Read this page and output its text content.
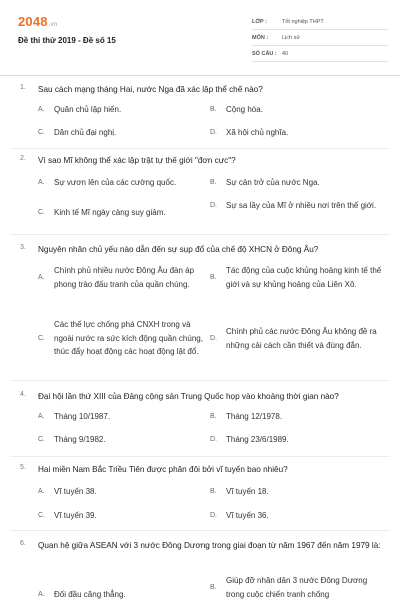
2048.vn
Đề thi thử 2019 - Đề số 15
LỚP :	Tốt nghiệp THPT
MÔN :	Lịch sử
SỐ CÂU : 40
1. Sau cách mạng tháng Hai, nước Nga đã xác lập thể chế nào?
A.	Quân chủ lập hiến.	B.	Cộng hòa.
C.	Dân chủ đại nghị.	D.	Xã hội chủ nghĩa.
2. Vì sao Mĩ không thể xác lập trật tự thế giới "đơn cực"?
A.	Sự vươn lên của các cường quốc.	B.	Sự cản trở của nước Nga.
C.	Kinh tế Mĩ ngày càng suy giảm.
D.	Sự sa lầy của Mĩ ở nhiều nơi trên thế giới.
3. Nguyên nhân chủ yếu nào dẫn đến sự sụp đổ của chế độ XHCN ở Đông Âu?
A.
Chính phủ nhiều nước Đông Âu đàn áp phong trào đấu tranh của quần chúng.
B.
Tác động của cuộc khủng hoảng kinh tế thế giới và sự khủng hoảng của Liên Xô.
C.
Các thế lực chống phá CNXH trong và ngoài nước ra sức kích động quần chúng, thúc đẩy hoạt động các hoạt động lật đổ.
D.
Chính phủ các nước Đông Âu không đề ra những cải cách cần thiết và đúng đắn.
4. Đại hội lần thứ XIII của Đảng cộng sản Trung Quốc họp vào khoảng thời gian nào?
A.	Tháng 10/1987.	B.	Tháng 12/1978.
C.	Tháng 9/1982.	D.	Tháng 23/6/1989.
5. Hai miền Nam Bắc Triều Tiên được phân đôi bởi vĩ tuyến bao nhiêu?
A.	Vĩ tuyến 38.	B.	Vĩ tuyến 18.
C.	Vĩ tuyến 39.	D.	Vĩ tuyến 36.
6. Quan hệ giữa ASEAN với 3 nước Đông Dương trong giai đoạn từ năm 1967 đến năm 1979 là:
A.	Đối đầu căng thẳng.
B.
Giúp đỡ nhân dân 3 nước Đông Dương trong cuộc chiến tranh chống
